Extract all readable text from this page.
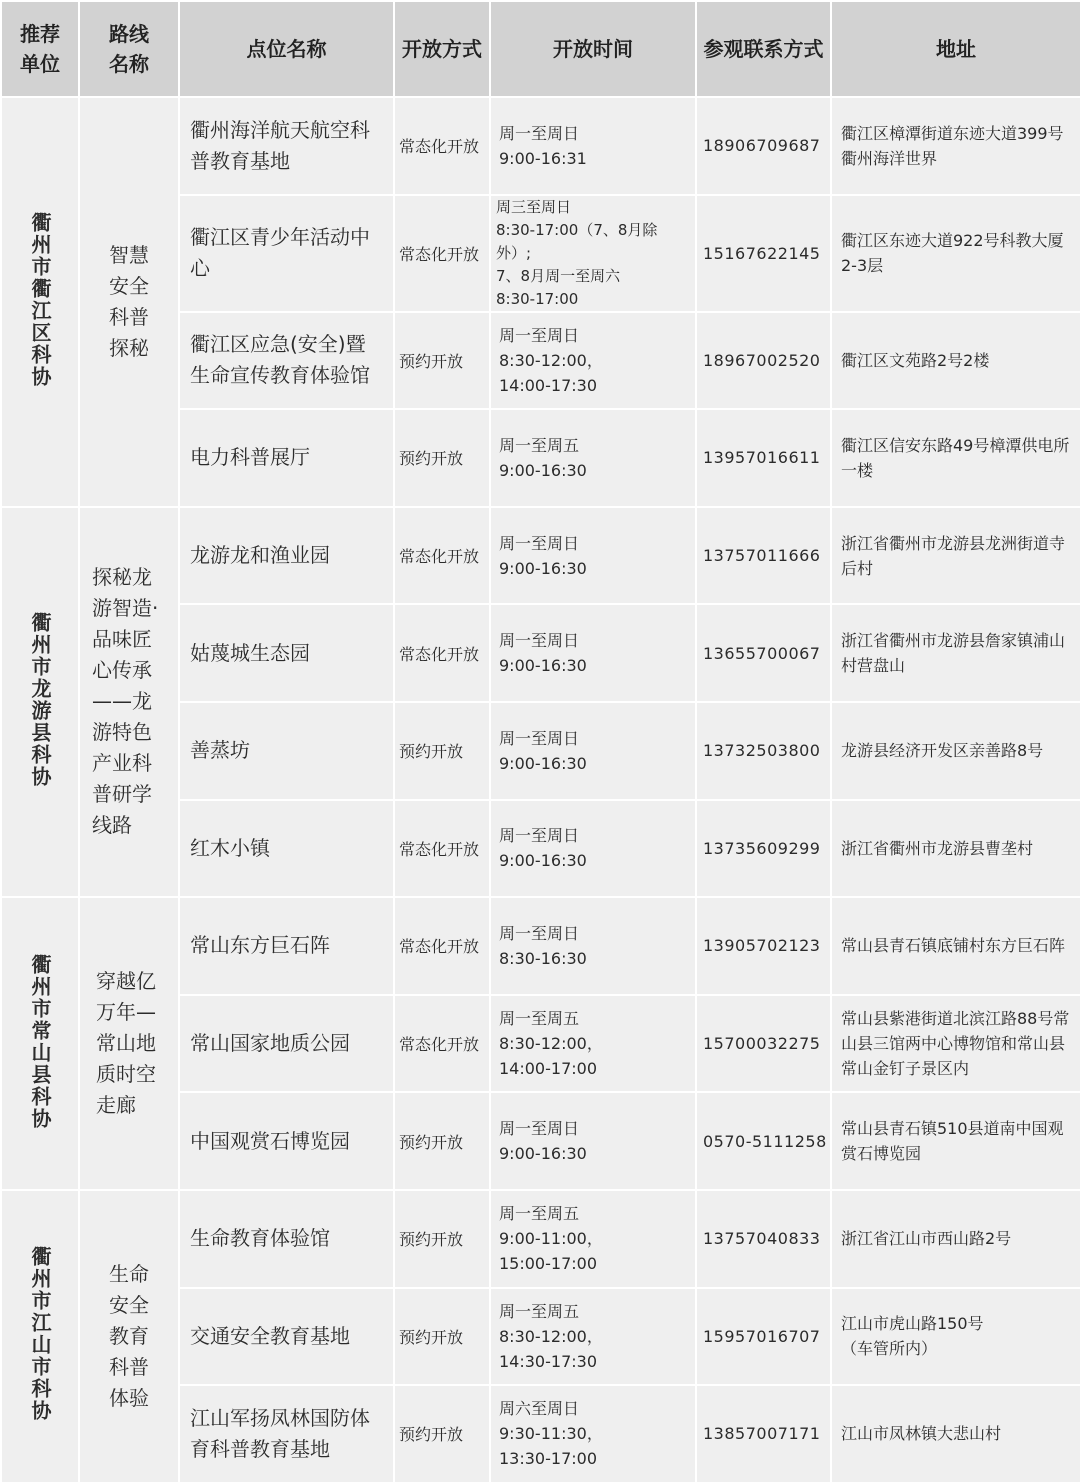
推荐
单位	路线
名称	点位名称	开放方式	开放时间	参观联系方式	地址
衢州市衢江区科协	智慧
安全
科普
探秘	衢州海洋航天航空科普教育基地	常态化开放	周一至周日
9:00-16:31	18906709687	衢江区樟潭街道东迹大道399号衢州海洋世界
		衢江区青少年活动中心	常态化开放	周三至周日
8:30-17:00（7、8月除外）;
7、8月周一至周六
8:30-17:00	15167622145	衢江区东迹大道922号科教大厦2-3层
		衢江区应急(安全)暨生命宣传教育体验馆	预约开放	周一至周日
8:30-12:00，
14:00-17:30	18967002520	衢江区文苑路2号2楼
		电力科普展厅	预约开放	周一至周五
9:00-16:30	13957016611	衢江区信安东路49号樟潭供电所一楼
衢州市龙游县科协	探秘龙游智造·品味匠心传承——龙游特色产业科普研学线路	龙游龙和渔业园	常态化开放	周一至周日
9:00-16:30	13757011666	浙江省衢州市龙游县龙洲街道寺后村
		姑蔑城生态园	常态化开放	周一至周日
9:00-16:30	13655700067	浙江省衢州市龙游县詹家镇浦山村营盘山
		善蒸坊	预约开放	周一至周日
9:00-16:30	13732503800	龙游县经济开发区亲善路8号
		红木小镇	常态化开放	周一至周日
9:00-16:30	13735609299	浙江省衢州市龙游县曹垄村
衢州市常山县科协	穿越亿万年—常山地质时空走廊	常山东方巨石阵	常态化开放	周一至周日
8:30-16:30	13905702123	常山县青石镇底铺村东方巨石阵
		常山国家地质公园	常态化开放	周一至周五
8:30-12:00，
14:00-17:00	15700032275	常山县紫港街道北滨江路88号常山县三馆两中心博物馆和常山县常山金钉子景区内
		中国观赏石博览园	预约开放	周一至周日
9:00-16:30	0570-5111258	常山县青石镇510县道南中国观赏石博览园
衢州市江山市科协	生命
安全
教育
科普
体验	生命教育体验馆	预约开放	周一至周五
9:00-11:00，
15:00-17:00	13757040833	浙江省江山市西山路2号
		交通安全教育基地	预约开放	周一至周五
8:30-12:00，
14:30-17:30	15957016707	江山市虎山路150号
（车管所内）
		江山军扬凤林国防体育科普教育基地	预约开放	周六至周日
9:30-11:30，
13:30-17:00	13857007171	江山市凤林镇大悲山村
